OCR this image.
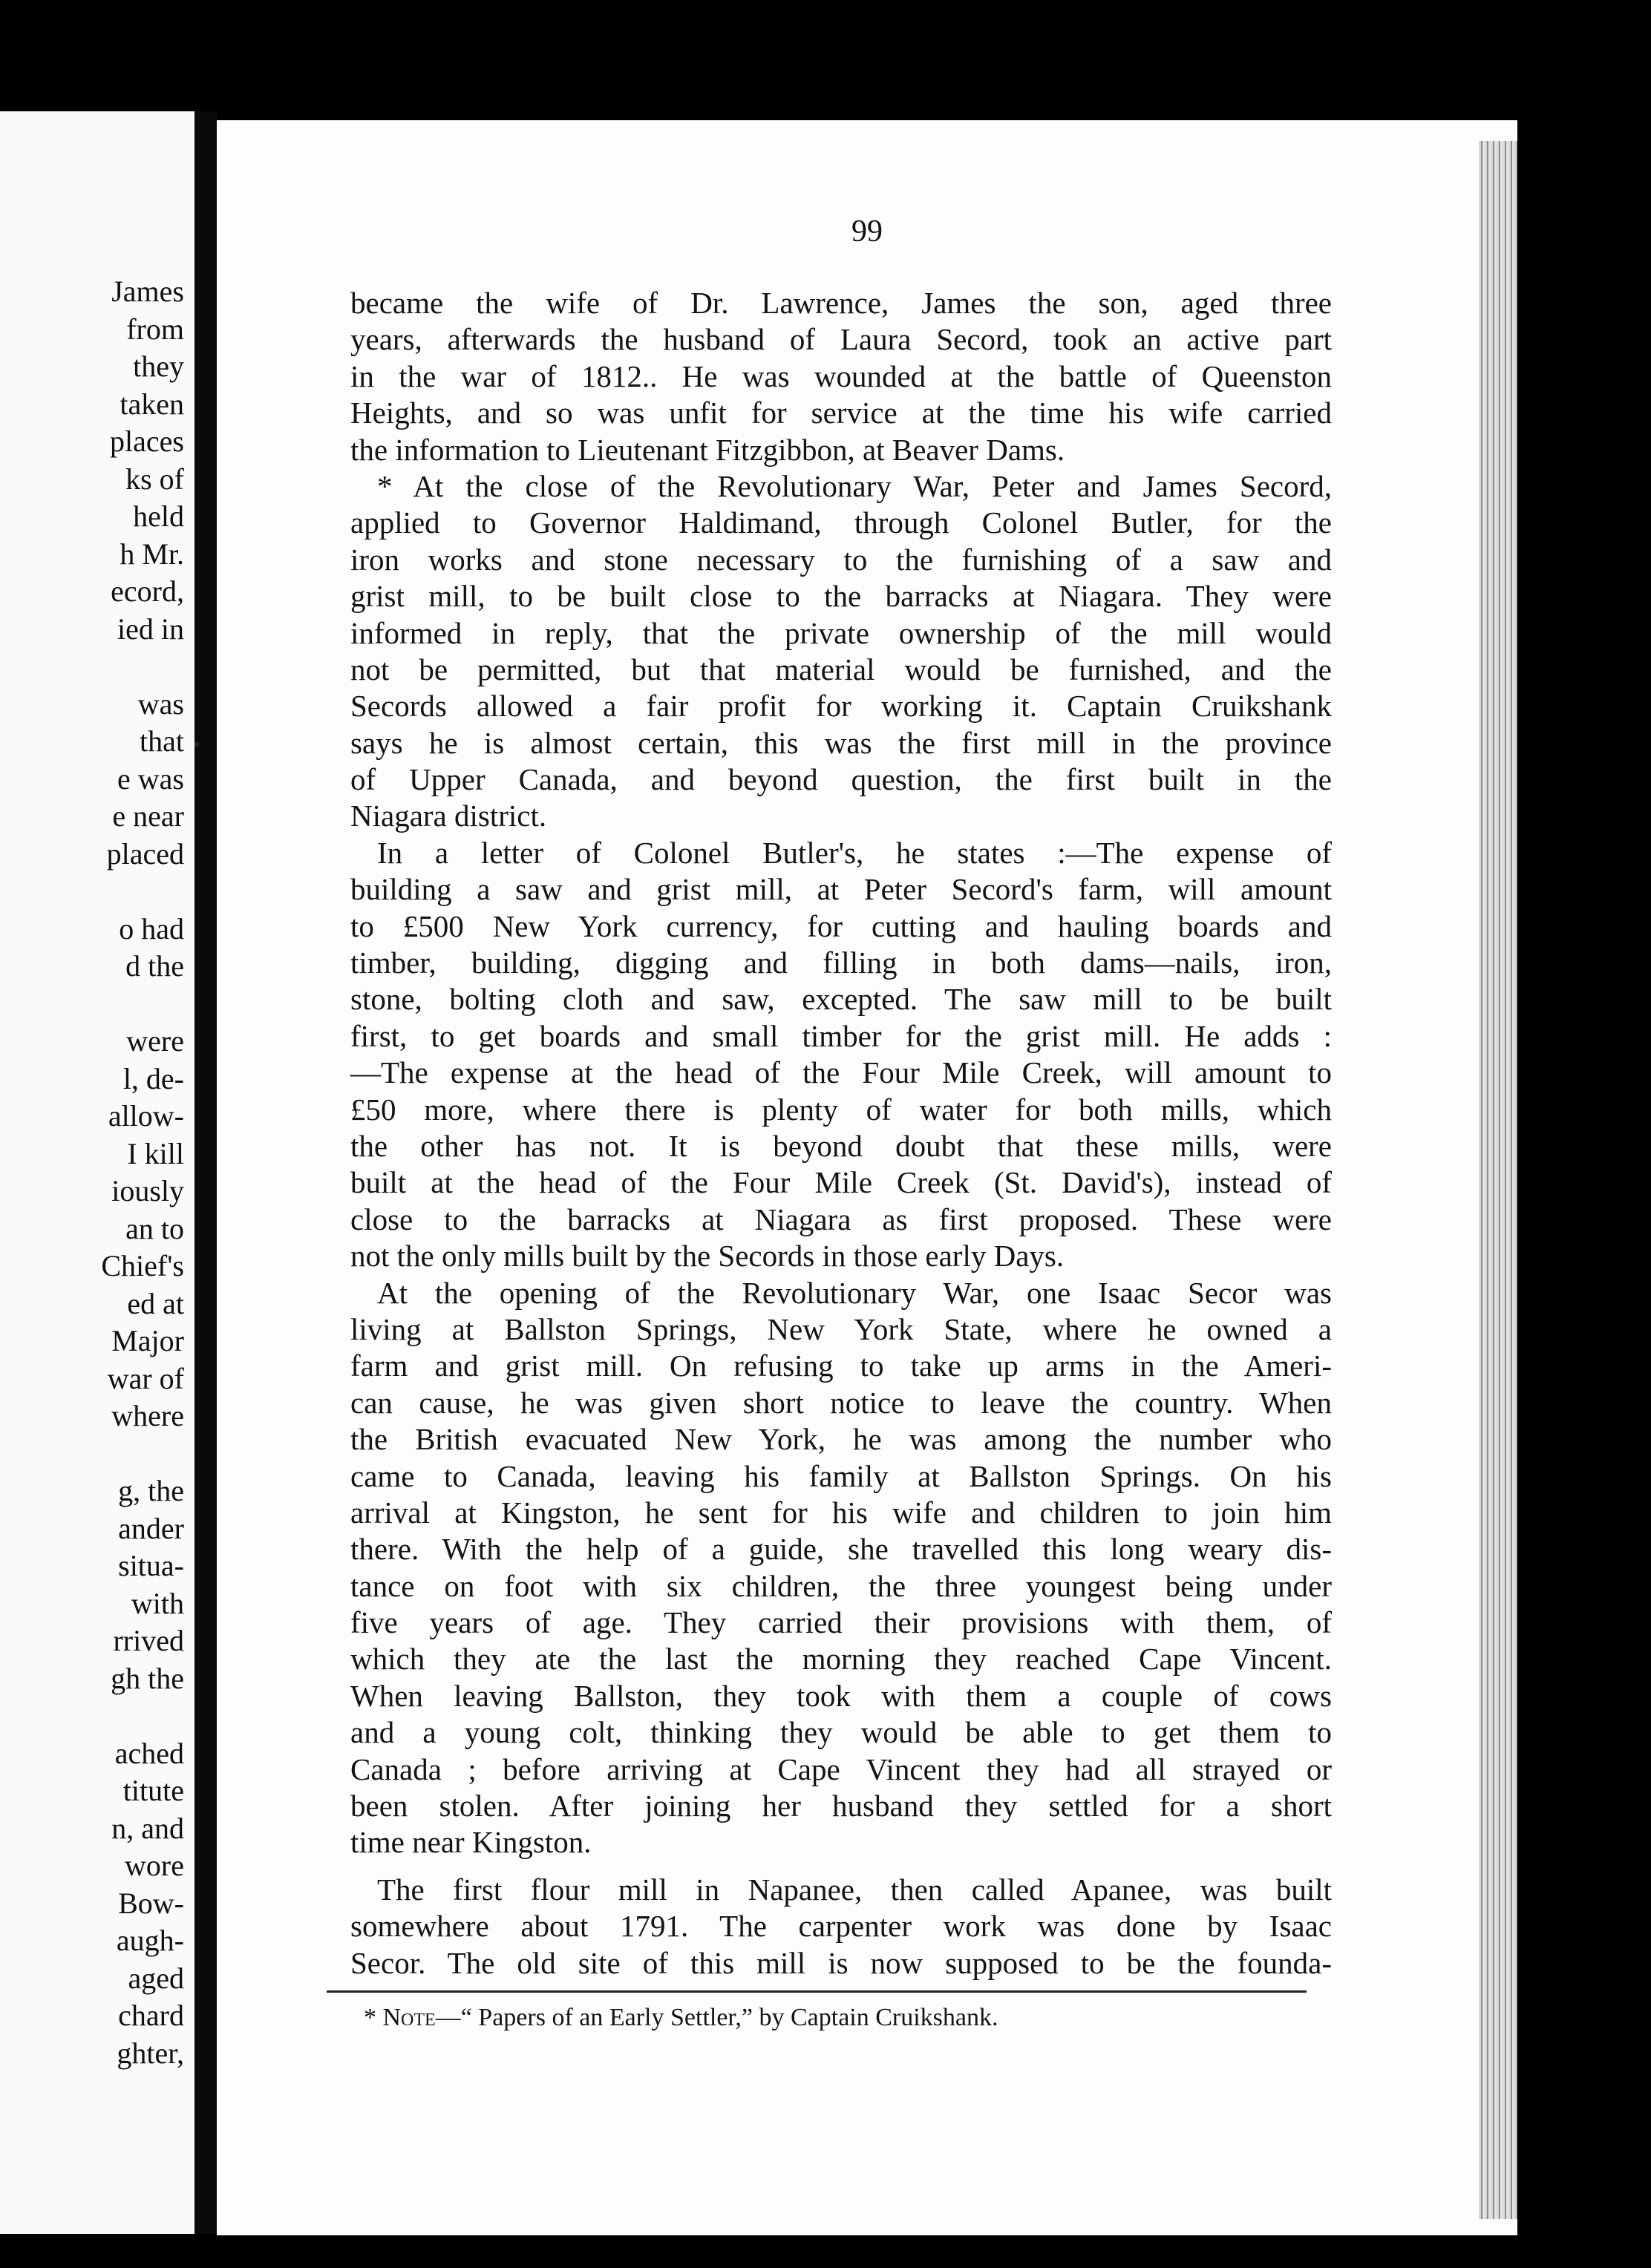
James
from
they
taken
places
ks of
held
h Mr.
ecord,
ied in
was
that
e was
e near
placed
o had
d the
were
l, de-
allow-
I kill
iously
an to
Chief's
ed at
Major
war of
where
g, the
ander
situa-
with
rrived
gh the
ached
titute
n, and
wore
Bow-
augh-
aged
chard
ghter,
99
became the wife of Dr. Lawrence, James the son, aged three
years, afterwards the husband of Laura Secord, took an active part
in the war of 1812.. He was wounded at the battle of Queenston
Heights, and so was unfit for service at the time his wife carried
the information to Lieutenant Fitzgibbon, at Beaver Dams.
* At the close of the Revolutionary War, Peter and James Secord,
applied to Governor Haldimand, through Colonel Butler, for the
iron works and stone necessary to the furnishing of a saw and
grist mill, to be built close to the barracks at Niagara. They were
informed in reply, that the private ownership of the mill would
not be permitted, but that material would be furnished, and the
Secords allowed a fair profit for working it. Captain Cruikshank
says he is almost certain, this was the first mill in the province
of Upper Canada, and beyond question, the first built in the
Niagara district.
In a letter of Colonel Butler's, he states :—The expense of
building a saw and grist mill, at Peter Secord's farm, will amount
to £500 New York currency, for cutting and hauling boards and
timber, building, digging and filling in both dams—nails, iron,
stone, bolting cloth and saw, excepted. The saw mill to be built
first, to get boards and small timber for the grist mill. He adds :
—The expense at the head of the Four Mile Creek, will amount to
£50 more, where there is plenty of water for both mills, which
the other has not. It is beyond doubt that these mills, were
built at the head of the Four Mile Creek (St. David's), instead of
close to the barracks at Niagara as first proposed. These were
not the only mills built by the Secords in those early Days.
At the opening of the Revolutionary War, one Isaac Secor was
living at Ballston Springs, New York State, where he owned a
farm and grist mill. On refusing to take up arms in the Ameri-
can cause, he was given short notice to leave the country. When
the British evacuated New York, he was among the number who
came to Canada, leaving his family at Ballston Springs. On his
arrival at Kingston, he sent for his wife and children to join him
there. With the help of a guide, she travelled this long weary dis-
tance on foot with six children, the three youngest being under
five years of age. They carried their provisions with them, of
which they ate the last the morning they reached Cape Vincent.
When leaving Ballston, they took with them a couple of cows
and a young colt, thinking they would be able to get them to
Canada ; before arriving at Cape Vincent they had all strayed or
been stolen. After joining her husband they settled for a short
time near Kingston.
The first flour mill in Napanee, then called Apanee, was built
somewhere about 1791. The carpenter work was done by Isaac
Secor. The old site of this mill is now supposed to be the founda-
* Note—“ Papers of an Early Settler,” by Captain Cruikshank.
